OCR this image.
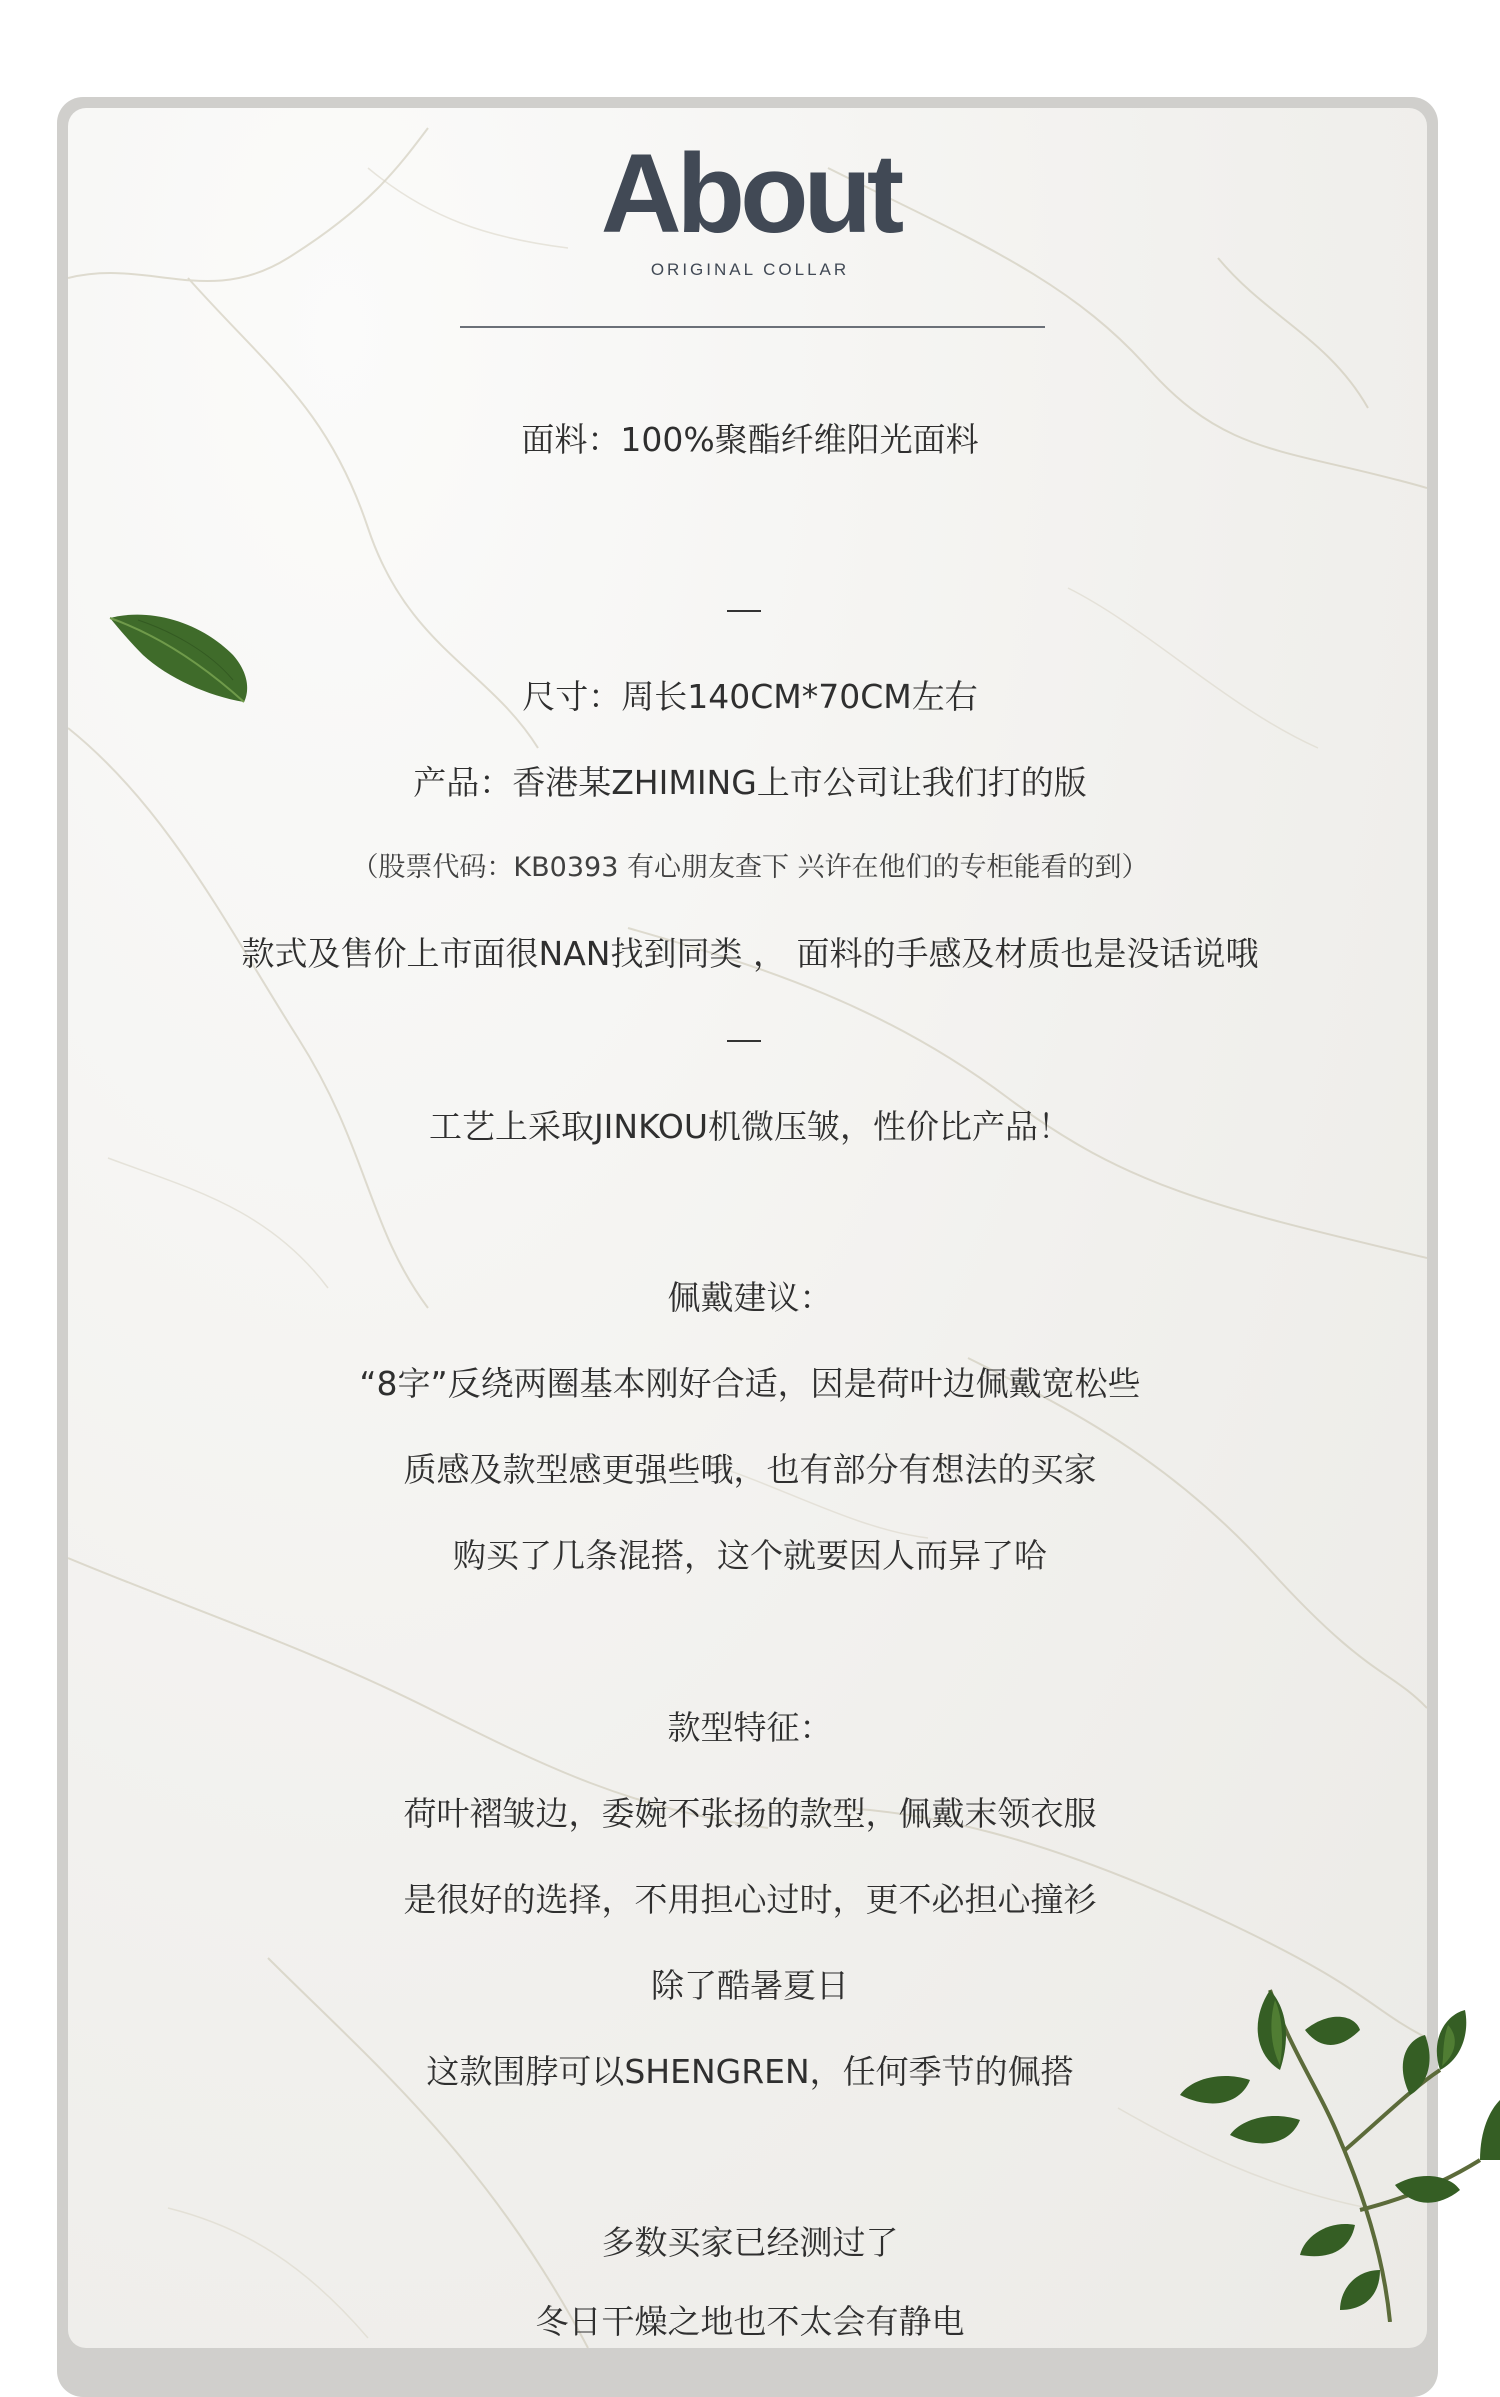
About
ORIGINAL COLLAR
面料：100%聚酯纤维阳光面料
尺寸：周长140CM*70CM左右
产品：香港某ZHIMING上市公司让我们打的版
（股票代码：KB0393 有心朋友查下 兴许在他们的专柜能看的到）
款式及售价上市面很NAN找到同类 ， 面料的手感及材质也是没话说哦
工艺上采取JINKOU机微压皱，性价比产品！
佩戴建议：
“8字”反绕两圈基本刚好合适，因是荷叶边佩戴宽松些
质感及款型感更强些哦，也有部分有想法的买家
购买了几条混搭，这个就要因人而异了哈
款型特征：
荷叶褶皱边，委婉不张扬的款型，佩戴末领衣服
是很好的选择，不用担心过时，更不必担心撞衫
除了酷暑夏日
这款围脖可以SHENGREN，任何季节的佩搭
多数买家已经测过了
冬日干燥之地也不太会有静电
